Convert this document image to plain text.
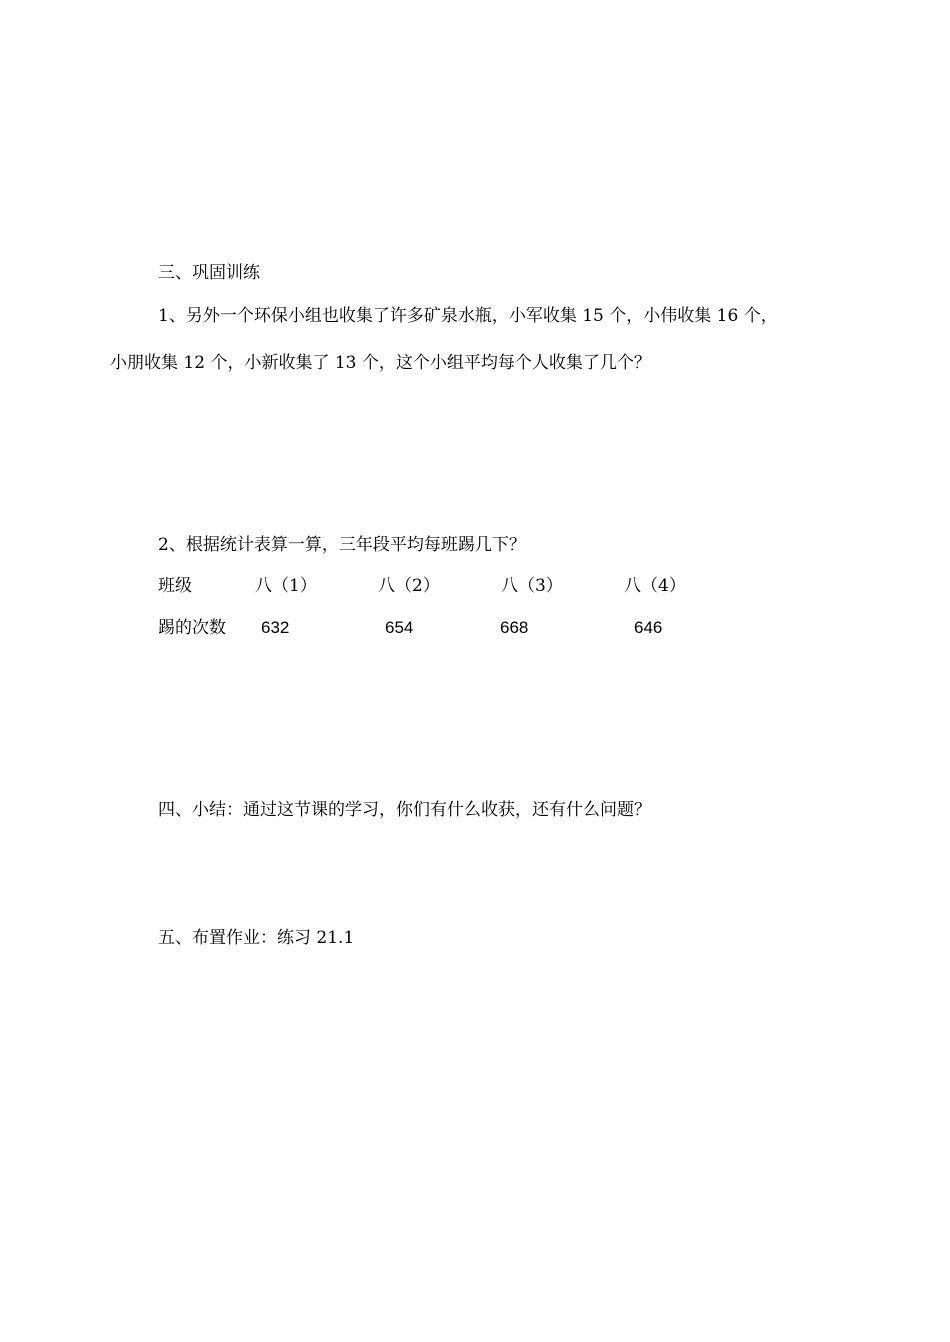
三、巩固训练
1、另外一个环保小组也收集了许多矿泉水瓶，小军收集 15 个，小伟收集 16 个，
小朋收集 12 个，小新收集了 13 个，这个小组平均每个人收集了几个？
2、根据统计表算一算，三年段平均每班踢几下？
班级	八（1）	八（2）	八（3）	八（4）
踢的次数 632	654	668	646
四、小结：通过这节课的学习，你们有什么收获，还有什么问题？
五、布置作业：练习 21.1
